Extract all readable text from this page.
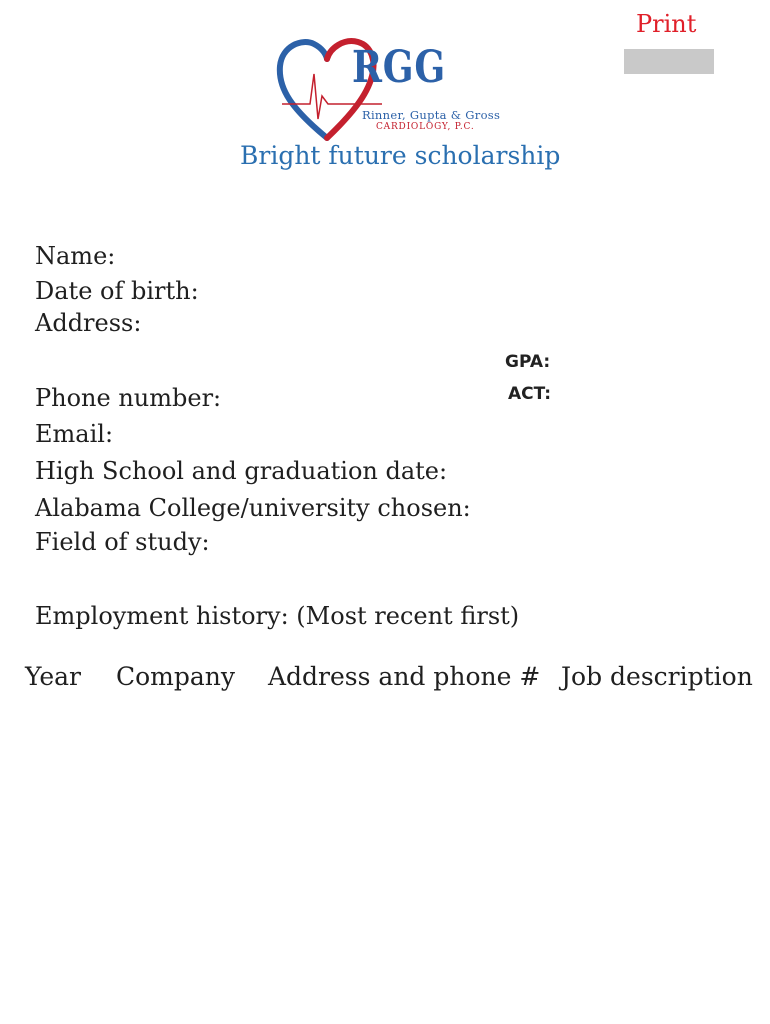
Print
RGG
Rinner, Gupta & Gross
CARDIOLOGY, P.C.
Bright future scholarship
Name:
Date of birth:
Address:
GPA:
ACT:
Phone number:
Email:
High School and graduation date:
Alabama College/university chosen:
Field of study:
Employment history: (Most recent first)
Year Company Address and phone # Job description
